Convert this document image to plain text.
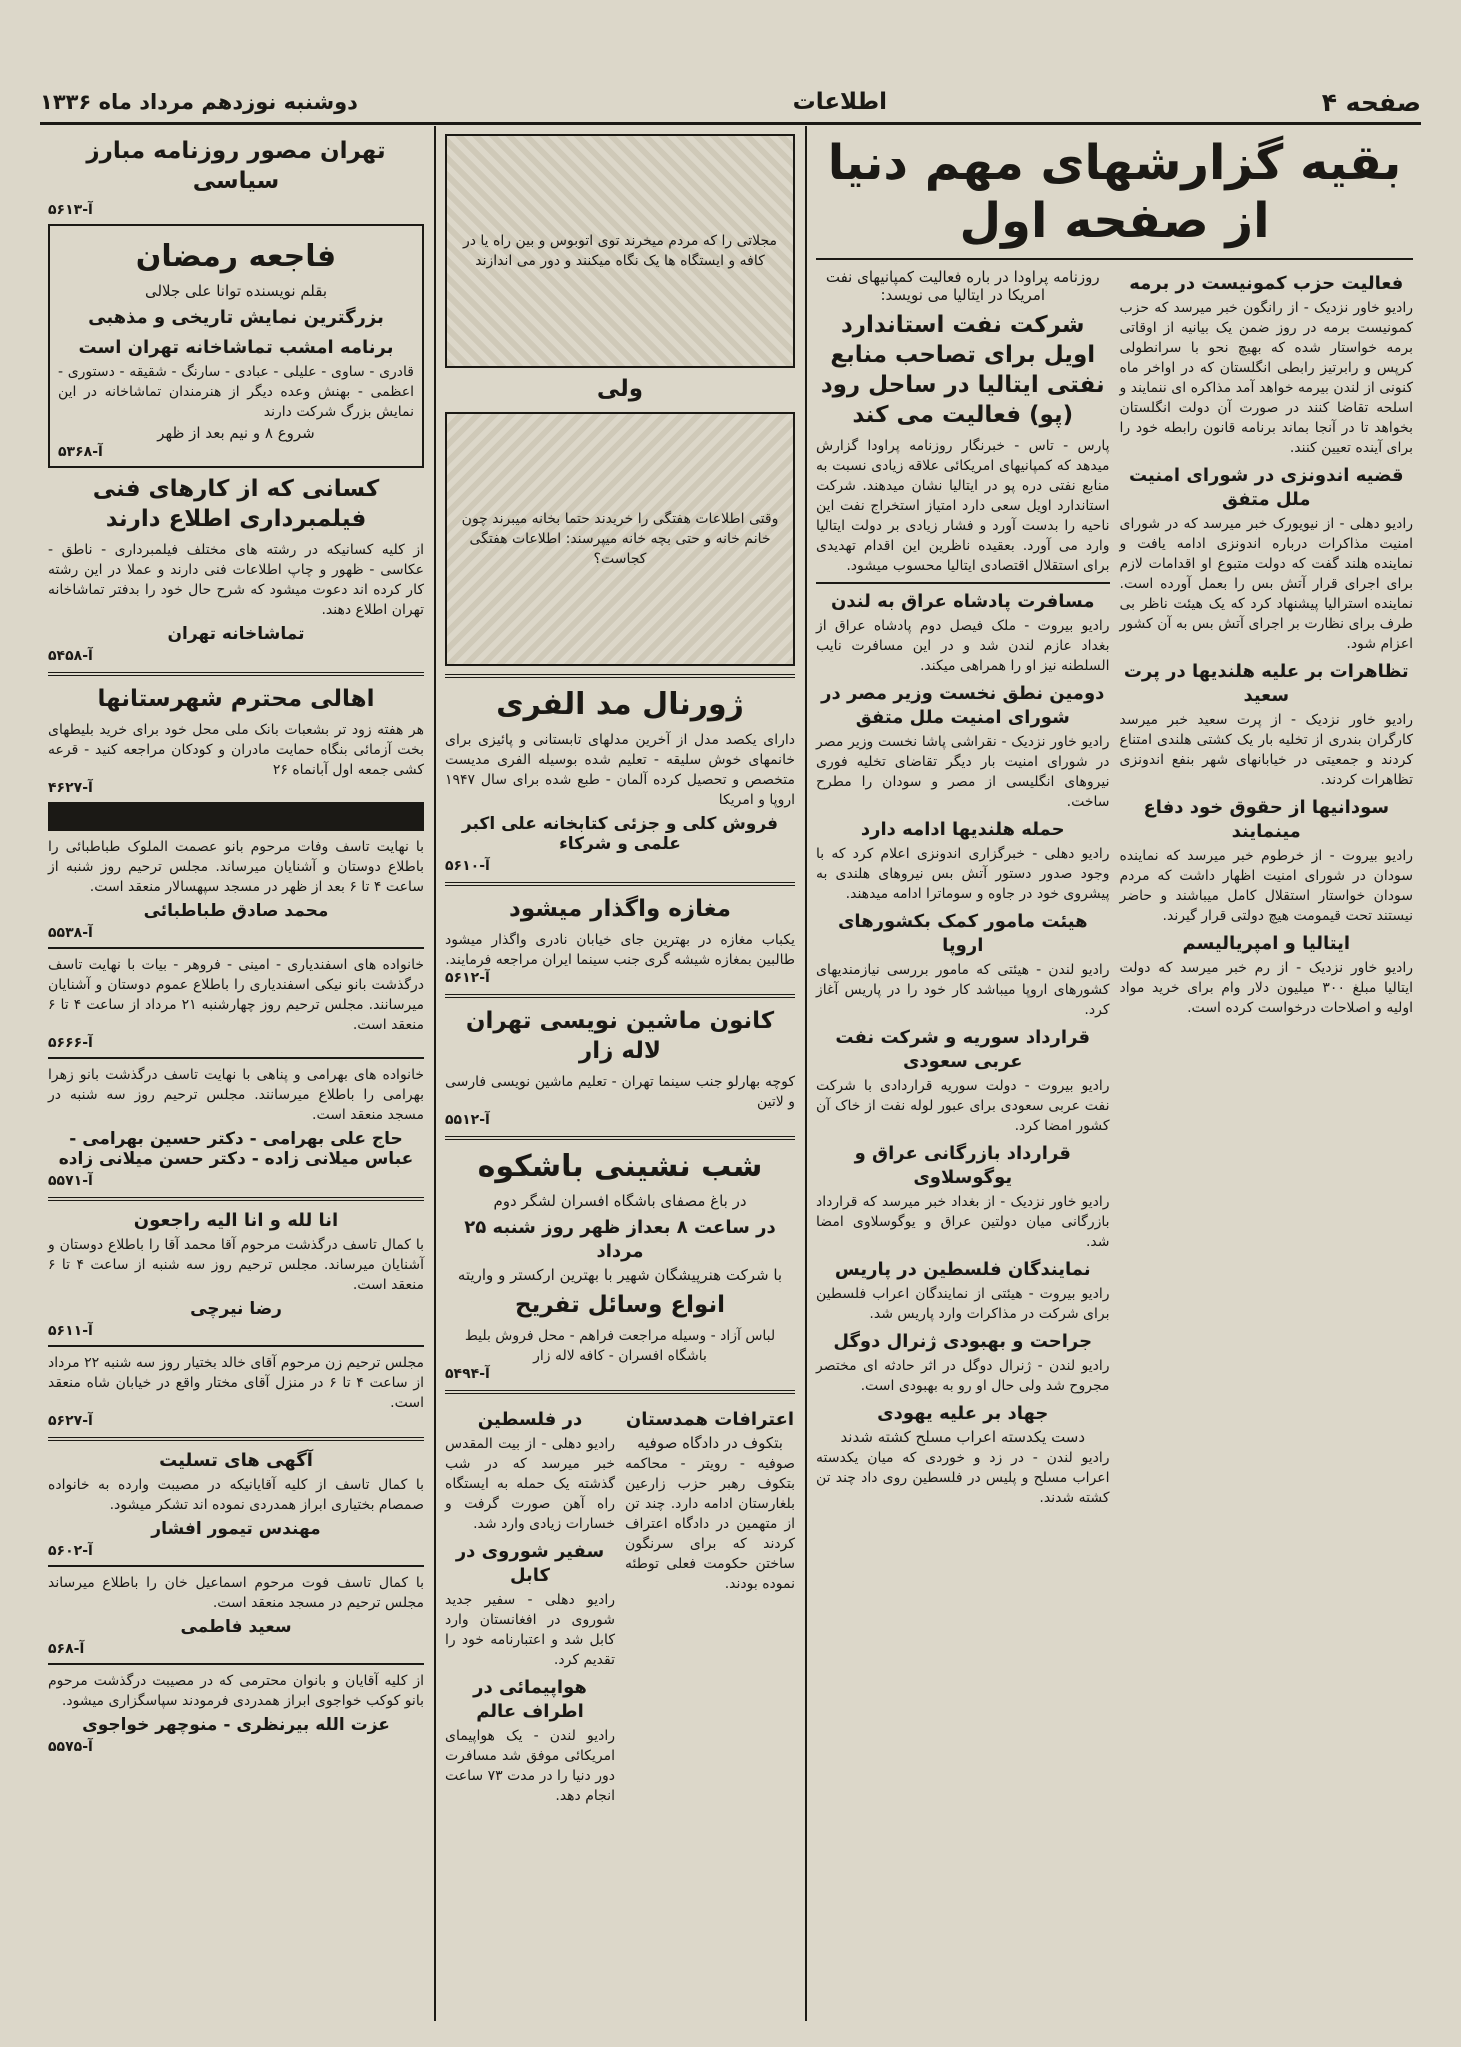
صفحه ۴
اطلاعات
دوشنبه نوزدهم مرداد ماه ۱۳۳۶
بقیه گزارشهای مهم دنیا از صفحه اول
فعالیت حزب کمونیست در برمه
رادیو خاور نزدیک - از رانگون خبر میرسد که حزب کمونیست برمه در روز ضمن یک بیانیه از اوقاتی برمه خواستار شده که بهیچ نحو با سرانطولی کرپس و رابرتیز رابطی انگلستان که در اواخر ماه کنونی از لندن بیرمه خواهد آمد مذاکره ای ننمایند و اسلحه تقاضا کنند در صورت آن دولت انگلستان بخواهد تا در آنجا بماند برنامه قانون رابطه خود را برای آینده تعیین کنند.
قضیه اندونزی در شورای امنیت ملل متفق
رادیو دهلی - از نیویورک خبر میرسد که در شورای امنیت مذاکرات درباره اندونزی ادامه یافت و نماینده هلند گفت که دولت متبوع او اقدامات لازم برای اجرای قرار آتش بس را بعمل آورده است. نماینده استرالیا پیشنهاد کرد که یک هیئت ناظر بی طرف برای نظارت بر اجرای آتش بس به آن کشور اعزام شود.
تظاهرات بر علیه هلندیها در پرت سعید
رادیو خاور نزدیک - از پرت سعید خبر میرسد کارگران بندری از تخلیه بار یک کشتی هلندی امتناع کردند و جمعیتی در خیابانهای شهر بنفع اندونزی تظاهرات کردند.
سودانیها از حقوق خود دفاع مینمایند
رادیو بیروت - از خرطوم خبر میرسد که نماینده سودان در شورای امنیت اظهار داشت که مردم سودان خواستار استقلال کامل میباشند و حاضر نیستند تحت قیمومت هیچ دولتی قرار گیرند.
ایتالیا و امپریالیسم
رادیو خاور نزدیک - از رم خبر میرسد که دولت ایتالیا مبلغ ۳۰۰ میلیون دلار وام برای خرید مواد اولیه و اصلاحات درخواست کرده است.
روزنامه پراودا در باره فعالیت کمپانیهای نفت امریکا در ایتالیا می نویسد:
شرکت نفت استاندارد اویل برای تصاحب منابع نفتی ایتالیا در ساحل رود (پو) فعالیت می کند
پارس - تاس - خبرنگار روزنامه پراودا گزارش میدهد که کمپانیهای امریکائی علاقه زیادی نسبت به منابع نفتی دره پو در ایتالیا نشان میدهند. شرکت استاندارد اویل سعی دارد امتیاز استخراج نفت این ناحیه را بدست آورد و فشار زیادی بر دولت ایتالیا وارد می آورد. بعقیده ناظرین این اقدام تهدیدی برای استقلال اقتصادی ایتالیا محسوب میشود.
مسافرت پادشاه عراق به لندن
رادیو بیروت - ملک فیصل دوم پادشاه عراق از بغداد عازم لندن شد و در این مسافرت نایب السلطنه نیز او را همراهی میکند.
دومین نطق نخست وزیر مصر در شورای امنیت ملل متفق
رادیو خاور نزدیک - نقراشی پاشا نخست وزیر مصر در شورای امنیت بار دیگر تقاضای تخلیه فوری نیروهای انگلیسی از مصر و سودان را مطرح ساخت.
حمله هلندیها ادامه دارد
رادیو دهلی - خبرگزاری اندونزی اعلام کرد که با وجود صدور دستور آتش بس نیروهای هلندی به پیشروی خود در جاوه و سوماترا ادامه میدهند.
هیئت مامور کمک بکشورهای اروپا
رادیو لندن - هیئتی که مامور بررسی نیازمندیهای کشورهای اروپا میباشد کار خود را در پاریس آغاز کرد.
قرارداد سوریه و شرکت نفت عربی سعودی
رادیو بیروت - دولت سوریه قراردادی با شرکت نفت عربی سعودی برای عبور لوله نفت از خاک آن کشور امضا کرد.
قرارداد بازرگانی عراق و یوگوسلاوی
رادیو خاور نزدیک - از بغداد خبر میرسد که قرارداد بازرگانی میان دولتین عراق و یوگوسلاوی امضا شد.
نمایندگان فلسطین در پاریس
رادیو بیروت - هیئتی از نمایندگان اعراب فلسطین برای شرکت در مذاکرات وارد پاریس شد.
جراحت و بهبودی ژنرال دوگل
رادیو لندن - ژنرال دوگل در اثر حادثه ای مختصر مجروح شد ولی حال او رو به بهبودی است.
جهاد بر علیه یهودی
دست یکدسته اعراب مسلح کشته شدند
رادیو لندن - در زد و خوردی که میان یکدسته اعراب مسلح و پلیس در فلسطین روی داد چند تن کشته شدند.
مجلاتی را که مردم میخرند توی اتوبوس و بین راه یا در کافه و ایستگاه ها یک نگاه میکنند و دور می اندازند
ولی
وقتی اطلاعات هفتگی را خریدند حتما بخانه میبرند چون خانم خانه و حتی بچه خانه میپرسند: اطلاعات هفتگی کجاست؟
ژورنال مد الفری
دارای یکصد مدل از آخرین مدلهای تابستانی و پائیزی برای خانمهای خوش سلیقه - تعلیم شده بوسیله الفری مدیست متخصص و تحصیل کرده آلمان - طبع شده برای سال ۱۹۴۷ اروپا و امریکا
فروش کلی و جزئی کتابخانه علی اکبر علمی و شرکاء
آ-۵۶۱۰
مغازه واگذار میشود
یکباب مغازه در بهترین جای خیابان نادری واگذار میشود طالبین بمغازه شیشه گری جنب سینما ایران مراجعه فرمایند.
آ-۵۶۱۲
کانون ماشین نویسی تهران لاله زار
کوچه بهارلو جنب سینما تهران - تعلیم ماشین نویسی فارسی و لاتین
آ-۵۵۱۲
شب نشینی باشکوه
در باغ مصفای باشگاه افسران لشگر دوم
در ساعت ۸ بعداز ظهر روز شنبه ۲۵ مرداد
با شرکت هنرپیشگان شهیر با بهترین ارکستر و واریته
انواع وسائل تفریح
لباس آزاد - وسیله مراجعت فراهم - محل فروش بلیط باشگاه افسران - کافه لاله زار
آ-۵۴۹۴
اعترافات همدستان
بتکوف در دادگاه صوفیه
صوفیه - رویتر - محاکمه بتکوف رهبر حزب زارعین بلغارستان ادامه دارد. چند تن از متهمین در دادگاه اعتراف کردند که برای سرنگون ساختن حکومت فعلی توطئه نموده بودند.
در فلسطین
رادیو دهلی - از بیت المقدس خبر میرسد که در شب گذشته یک حمله به ایستگاه راه آهن صورت گرفت و خسارات زیادی وارد شد.
سفیر شوروی در کابل
رادیو دهلی - سفیر جدید شوروی در افغانستان وارد کابل شد و اعتبارنامه خود را تقدیم کرد.
هواپیمائی در اطراف عالم
رادیو لندن - یک هواپیمای امریکائی موفق شد مسافرت دور دنیا را در مدت ۷۳ ساعت انجام دهد.
تهران مصور روزنامه مبارز سیاسی
آ-۵۶۱۳
فاجعه رمضان
بقلم نویسنده توانا علی جلالی
بزرگترین نمایش تاریخی و مذهبی
برنامه امشب تماشاخانه تهران است
قادری - ساوی - علیلی - عبادی - سارنگ - شقیقه - دستوری - اعظمی - بهنش وعده دیگر از هنرمندان تماشاخانه در این نمایش بزرگ شرکت دارند
شروع ۸ و نیم بعد از ظهر
آ-۵۳۶۸
کسانی که از کارهای فنی فیلمبرداری اطلاع دارند
از کلیه کسانیکه در رشته های مختلف فیلمبرداری - ناطق - عکاسی - ظهور و چاپ اطلاعات فنی دارند و عملا در این رشته کار کرده اند دعوت میشود که شرح حال خود را بدفتر تماشاخانه تهران اطلاع دهند.
تماشاخانه تهران
آ-۵۴۵۸
اهالی محترم شهرستانها
هر هفته زود تر بشعبات بانک ملی محل خود برای خرید بلیطهای بخت آزمائی بنگاه حمایت مادران و کودکان مراجعه کنید - قرعه کشی جمعه اول آبانماه ۲۶
آ-۴۶۲۷

با نهایت تاسف وفات مرحوم بانو عصمت الملوک طباطبائی را باطلاع دوستان و آشنایان میرساند. مجلس ترحیم روز شنبه از ساعت ۴ تا ۶ بعد از ظهر در مسجد سپهسالار منعقد است.
محمد صادق طباطبائی
آ-۵۵۳۸
خانواده های اسفندیاری - امینی - فروهر - بیات با نهایت تاسف درگذشت بانو نیکی اسفندیاری را باطلاع عموم دوستان و آشنایان میرسانند. مجلس ترحیم روز چهارشنبه ۲۱ مرداد از ساعت ۴ تا ۶ منعقد است.
آ-۵۶۶۶
خانواده های بهرامی و پناهی با نهایت تاسف درگذشت بانو زهرا بهرامی را باطلاع میرسانند. مجلس ترحیم روز سه شنبه در مسجد منعقد است.
حاج علی بهرامی - دکتر حسین بهرامی - عباس میلانی زاده - دکتر حسن میلانی زاده
آ-۵۵۷۱
انا لله و انا الیه راجعون
با کمال تاسف درگذشت مرحوم آقا محمد آقا را باطلاع دوستان و آشنایان میرساند. مجلس ترحیم روز سه شنبه از ساعت ۴ تا ۶ منعقد است.
رضا نیرچی
آ-۵۶۱۱
مجلس ترحیم زن مرحوم آقای خالد بختیار روز سه شنبه ۲۲ مرداد از ساعت ۴ تا ۶ در منزل آقای مختار واقع در خیابان شاه منعقد است.
آ-۵۶۲۷
آگهی های تسلیت
با کمال تاسف از کلیه آقایانیکه در مصیبت وارده به خانواده صمصام بختیاری ابراز همدردی نموده اند تشکر میشود.
مهندس تیمور افشار
آ-۵۶۰۲
با کمال تاسف فوت مرحوم اسماعیل خان را باطلاع میرساند مجلس ترحیم در مسجد منعقد است.
سعید فاطمی
آ-۵۶۸
از کلیه آقایان و بانوان محترمی که در مصیبت درگذشت مرحوم بانو کوکب خواجوی ابراز همدردی فرمودند سپاسگزاری میشود.
عزت الله بیرنظری - منوچهر خواجوی
آ-۵۵۷۵
